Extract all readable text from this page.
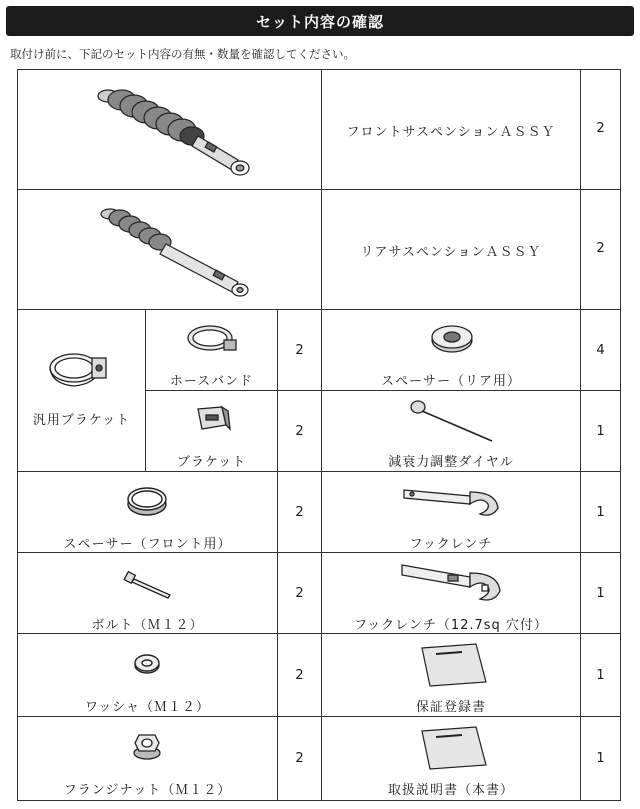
セット内容の確認
取付け前に、下記のセット内容の有無・数量を確認してください。
フロントサスペンションＡＳＳＹ	2
リアサスペンションＡＳＳＹ	2
汎用ブラケット
ホースバンド
2
ブラケット
2
スペーサー（リア用）
4
減衰力調整ダイヤル
1
スペーサー（フロント用）
2
フックレンチ
1
ボルト（Ｍ１２）
2
フックレンチ（12.7sq 穴付）
1
ワッシャ（Ｍ１２）
2
保証登録書
1
フランジナット（Ｍ１２）
2
取扱説明書（本書）
1
